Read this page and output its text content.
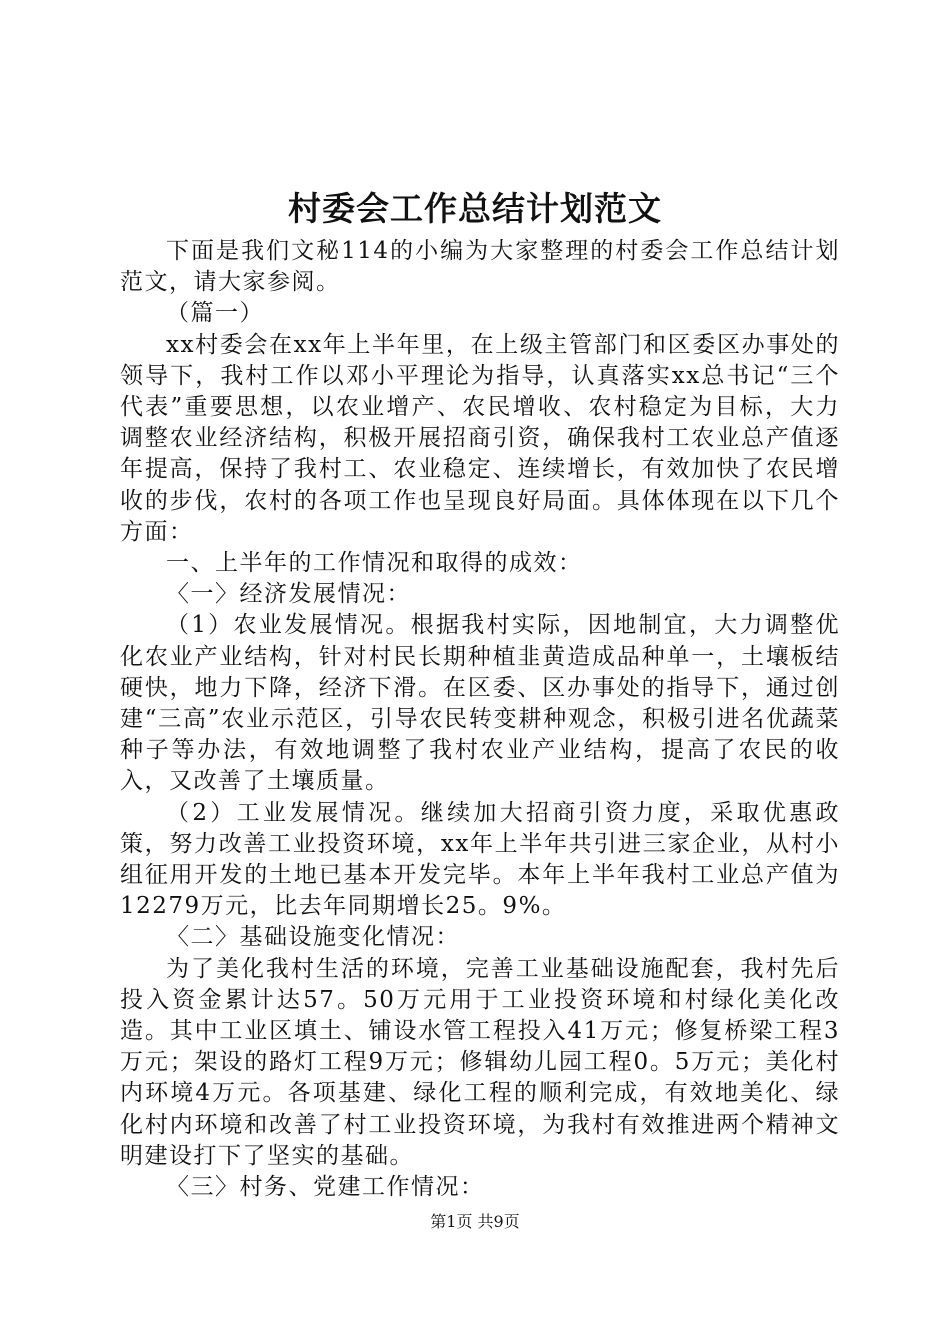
村委会工作总结计划范文

下面是我们文秘114的小编为大家整理的村委会工作总结计划范文，请大家参阅。

（篇一）

xx村委会在xx年上半年里，在上级主管部门和区委区办事处的领导下，我村工作以邓小平理论为指导，认真落实xx总书记“三个代表”重要思想，以农业增产、农民增收、农村稳定为目标，大力调整农业经济结构，积极开展招商引资，确保我村工农业总产值逐年提高，保持了我村工、农业稳定、连续增长，有效加快了农民增收的步伐，农村的各项工作也呈现良好局面。具体体现在以下几个方面：

一、上半年的工作情况和取得的成效：

〈一〉经济发展情况：

（1）农业发展情况。根据我村实际，因地制宜，大力调整优化农业产业结构，针对村民长期种植韭黄造成品种单一，土壤板结硬快，地力下降，经济下滑。在区委、区办事处的指导下，通过创建“三高”农业示范区，引导农民转变耕种观念，积极引进名优蔬菜种子等办法，有效地调整了我村农业产业结构，提高了农民的收入，又改善了土壤质量。

（2）工业发展情况。继续加大招商引资力度，采取优惠政策，努力改善工业投资环境，xx年上半年共引进三家企业，从村小组征用开发的土地已基本开发完毕。本年上半年我村工业总产值为12279万元，比去年同期增长25。9%。

〈二〉基础设施变化情况：

为了美化我村生活的环境，完善工业基础设施配套，我村先后投入资金累计达57。50万元用于工业投资环境和村绿化美化改造。其中工业区填土、铺设水管工程投入41万元；修复桥梁工程3万元；架设的路灯工程9万元；修辑幼儿园工程0。5万元；美化村内环境4万元。各项基建、绿化工程的顺利完成，有效地美化、绿化村内环境和改善了村工业投资环境，为我村有效推进两个精神文明建设打下了坚实的基础。

〈三〉村务、党建工作情况：

第1页 共9页
